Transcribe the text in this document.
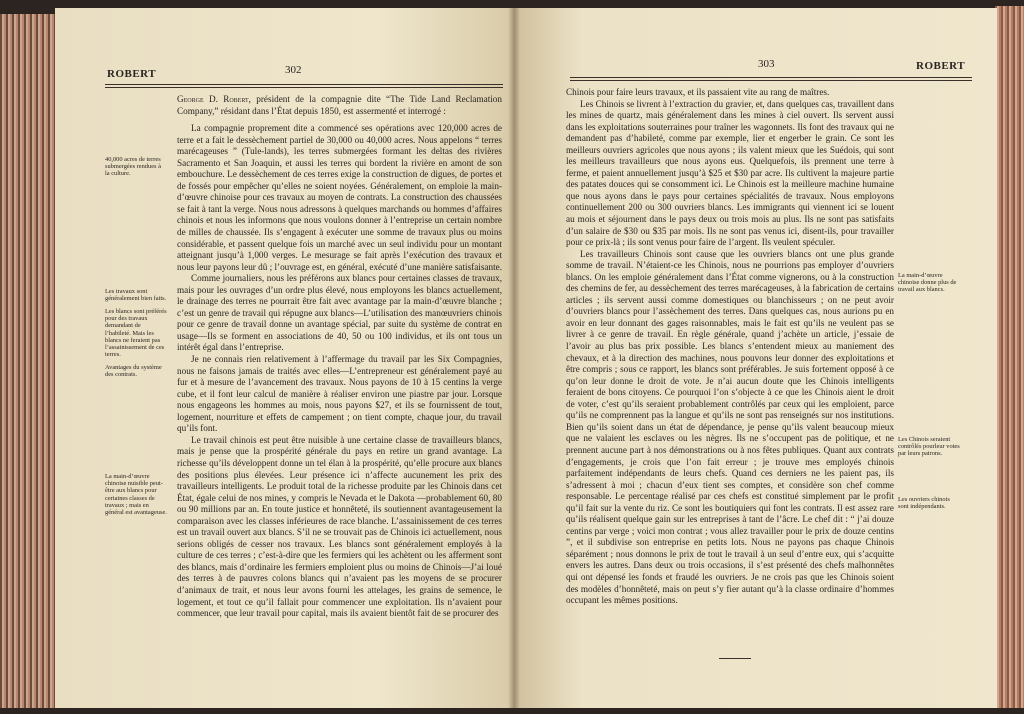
ROBERT	302

George D. Robert, président de la compagnie dite “The Tide Land Reclamation Company,” résidant dans l’État depuis 1850, est assermenté et interrogé :

La compagnie proprement dite a commencé ses opérations avec 120,000 acres de terre et a fait le dessèchement partiel de 30,000 ou 40,000 acres. Nous appelons “ terres marécageuses ” (Tule-lands), les terres submergées formant les deltas des rivières Sacramento et San Joaquin, et aussi les terres qui bordent la rivière en amont de son embouchure. Le dessèchement de ces terres exige la construction de digues, de portes et de fossés pour empêcher qu’elles ne soient noyées. Généralement, on emploie la main-d’œuvre chinoise pour ces travaux au moyen de contrats. La construction des chaussées se fait à tant la verge. Nous nous adressons à quelques marchands ou hommes d’affaires chinois et nous les informons que nous voulons donner à l’entreprise un certain nombre de milles de chaussée. Ils s’engagent à exécuter une somme de travaux plus ou moins considérable, et passent quelque fois un marché avec un seul individu pour un montant atteignant jusqu’à 1,000 verges. Le mesurage se fait après l’exécution des travaux et nous leur payons leur dû ; l’ouvrage est, en général, exécuté d’une manière satisfaisante.

Comme journaliers, nous les préférons aux blancs pour certaines classes de travaux, mais pour les ouvrages d’un ordre plus élevé, nous employons les blancs actuellement, le drainage des terres ne pourrait être fait avec avantage par la main-d’œuvre blanche ; c’est un genre de travail qui répugne aux blancs—L’utilisation des manœuvriers chinois pour ce genre de travail donne un avantage spécial, par suite du système de contrat en usage—Ils se forment en associations de 40, 50 ou 100 individus, et ils ont tous un intérêt égal dans l’entreprise.

Je ne connais rien relativement à l’affermage du travail par les Six Compagnies, nous ne faisons jamais de traités avec elles—L’entrepreneur est généralement payé au fur et à mesure de l’avancement des travaux. Nous payons de 10 à 15 centins la verge cube, et il font leur calcul de manière à réaliser environ une piastre par jour. Lorsque nous engageons les hommes au mois, nous payons $27, et ils se fournissent de tout, logement, nourriture et effets de campement ; on tient compte, chaque jour, du travail qu’ils font.

Le travail chinois est peut être nuisible à une certaine classe de travailleurs blancs, mais je pense que la prospérité générale du pays en retire un grand avantage. La richesse qu’ils développent donne un tel élan à la prospérité, qu’elle procure aux blancs des positions plus élevées. Leur présence ici n’affecte aucunement les prix des travailleurs intelligents. Le produit total de la richesse produite par les Chinois dans cet État, égale celui de nos mines, y compris le Nevada et le Dakota —probablement 60, 80 ou 90 millions par an. En toute justice et honnêteté, ils soutiennent avantageusement la comparaison avec les classes inférieures de race blanche. L’assainissement de ces terres est un travail ouvert aux blancs. S’il ne se trouvait pas de Chinois ici actuellement, nous serions obligés de cesser nos travaux. Les blancs sont généralement employés à la culture de ces terres ; c’est-à-dire que les fermiers qui les achètent ou les afferment sont des blancs, mais d’ordinaire les fermiers emploient plus ou moins de Chinois—J’ai loué des terres à de pauvres colons blancs qui n’avaient pas les moyens de se procurer d’animaux de trait, et nous leur avons fourni les attelages, les grains de semence, le logement, et tout ce qu’il fallait pour commencer une exploitation. Ils n’avaient pour commencer, que leur travail pour capital, mais ils avaient bientôt fait de se procurer des

40,000 acres de terres submergées rendues à la culture.
Les travaux sont généralement bien faits.
Les blancs sont préférés pour des travaux demandant de l’habileté. Mais les blancs ne feraient pas l’assainissement de ces terres.
Avantages du système des contrats.
La main-d’œuvre chinoise nuisible peut-être aux blancs pour certaines classes de travaux ; mais en général est avantageuse.
303	ROBERT

Chinois pour faire leurs travaux, et ils passaient vite au rang de maîtres.

Les Chinois se livrent à l’extraction du gravier, et, dans quelques cas, travaillent dans les mines de quartz, mais généralement dans les mines à ciel ouvert. Ils servent aussi dans les exploitations souterraines pour traîner les wagonnets. Ils font des travaux qui ne demandent pas d’habileté, comme par exemple, lier et engerber le grain. Ce sont les meilleurs ouvriers agricoles que nous ayons ; ils valent mieux que les Suédois, qui sont les meilleurs travailleurs que nous ayons eus. Quelquefois, ils prennent une terre à ferme, et paient annuellement jusqu’à $25 et $30 par acre. Ils cultivent la majeure partie des patates douces qui se consomment ici. Le Chinois est la meilleure machine humaine que nous ayons dans le pays pour certaines spécialités de travaux. Nous employons continuellement 200 ou 300 ouvriers blancs. Les immigrants qui viennent ici se louent au mois et séjournent dans le pays deux ou trois mois au plus. Ils ne sont pas satisfaits d’un salaire de $30 ou $35 par mois. Ils ne sont pas venus ici, disent-ils, pour travailler pour ce prix-là ; ils sont venus pour faire de l’argent. Ils veulent spéculer.

Les travailleurs Chinois sont cause que les ouvriers blancs ont une plus grande somme de travail. N’étaient-ce les Chinois, nous ne pourrions pas employer d’ouvriers blancs. On les emploie généralement dans l’État comme vignerons, ou à la construction des chemins de fer, au dessèchement des terres marécageuses, à la fabrication de certains articles ; ils servent aussi comme domestiques ou blanchisseurs ; on ne peut avoir d’ouvriers blancs pour l’assèchement des terres. Dans quelques cas, nous aurions pu en avoir en leur donnant des gages raisonnables, mais le fait est qu’ils ne veulent pas se livrer à ce genre de travail. En règle générale, quand j’achète un article, j’essaie de l’avoir au plus bas prix possible. Les blancs s’entendent mieux au maniement des chevaux, et à la direction des machines, nous pouvons leur donner des exploitations et être compris ; sous ce rapport, les blancs sont préférables. Je suis fortement opposé à ce qu’on leur donne le droit de vote. Je n’ai aucun doute que les Chinois intelligents feraient de bons citoyens. Ce pourquoi l’on s’objecte à ce que les Chinois aient le droit de voter, c’est qu’ils seraient probablement contrôlés par ceux qui les emploient, parce qu’ils ne comprennent pas la langue et qu’ils ne sont pas renseignés sur nos institutions. Bien qu’ils soient dans un état de dépendance, je pense qu’ils valent beaucoup mieux que ne valaient les esclaves ou les nègres. Ils ne s’occupent pas de politique, et ne prennent aucune part à nos démonstrations ou à nos fêtes publiques. Quant aux contrats d’engagements, je crois que l’on fait erreur ; je trouve mes employés chinois parfaitement indépendants de leurs chefs. Quand ces derniers ne les paient pas, ils s’adressent à moi ; chacun d’eux tient ses comptes, et considère son chef comme responsable. Le percentage réalisé par ces chefs est constitué simplement par le profit qu’il fait sur la vente du riz. Ce sont les boutiquiers qui font les contrats. Il est assez rare qu’ils réalisent quelque gain sur les entreprises à tant de l’âcre. Le chef dit : “ j’ai douze centins par verge ; voici mon contrat ; vous allez travailler pour le prix de douze centins ”, et il subdivise son entreprise en petits lots. Nous ne payons pas chaque Chinois séparément ; nous donnons le prix de tout le travail à un seul d’entre eux, qui s’acquitte envers les autres. Dans deux ou trois occasions, il s’est présenté des chefs malhonnêtes qui ont dépensé les fonds et fraudé les ouvriers. Je ne crois pas que les Chinois soient des modèles d’honnêteté, mais on peut s’y fier autant qu’à la classe ordinaire d’hommes occupant les mêmes positions.

La main-d’œuvre chinoise donne plus de travail aux blancs.
Les Chinois seraient contrôlés pourleur votes par leurs patrons.
Les ouvriers chinois sont indépendants.
